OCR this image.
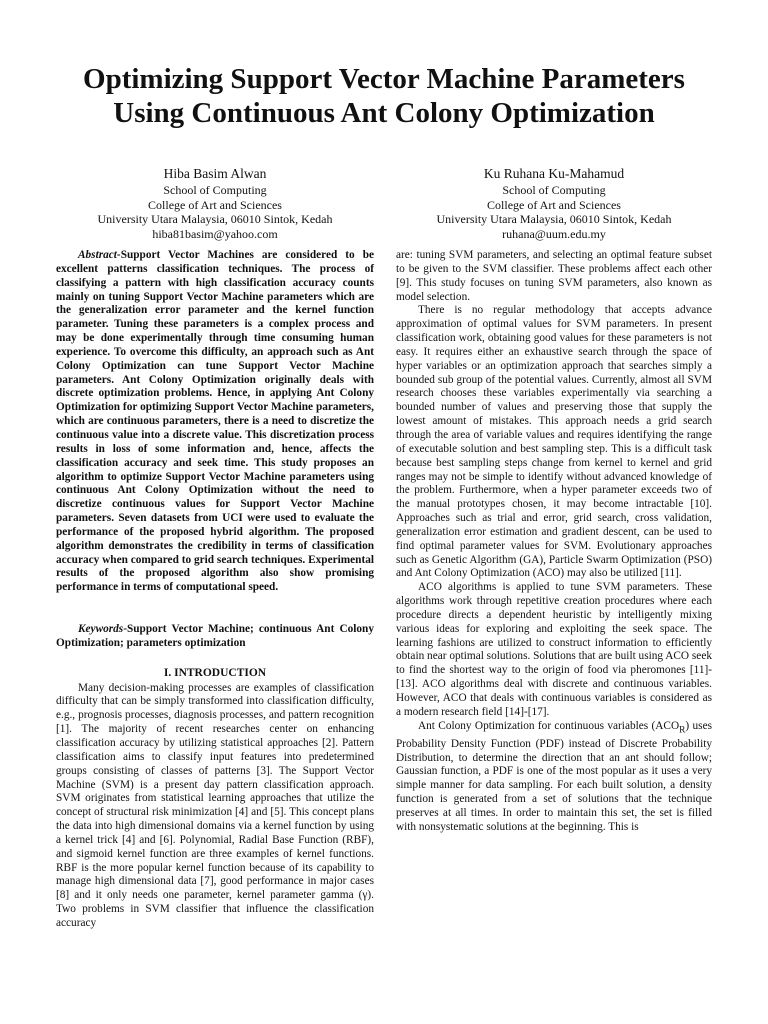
Optimizing Support Vector Machine Parameters
Using Continuous Ant Colony Optimization
Hiba Basim Alwan
School of Computing
College of Art and Sciences
University Utara Malaysia, 06010 Sintok, Kedah
hiba81basim@yahoo.com
Ku Ruhana Ku-Mahamud
School of Computing
College of Art and Sciences
University Utara Malaysia, 06010 Sintok, Kedah
ruhana@uum.edu.my

Abstract-Support Vector Machines are considered to be excellent patterns classification techniques. The process of classifying a pattern with high classification accuracy counts mainly on tuning Support Vector Machine parameters which are the generalization error parameter and the kernel function parameter. Tuning these parameters is a complex process and may be done experimentally through time consuming human experience. To overcome this difficulty, an approach such as Ant Colony Optimization can tune Support Vector Machine parameters. Ant Colony Optimization originally deals with discrete optimization problems. Hence, in applying Ant Colony Optimization for optimizing Support Vector Machine parameters, which are continuous parameters, there is a need to discretize the continuous value into a discrete value. This discretization process results in loss of some information and, hence, affects the classification accuracy and seek time. This study proposes an algorithm to optimize Support Vector Machine parameters using continuous Ant Colony Optimization without the need to discretize continuous values for Support Vector Machine parameters. Seven datasets from UCI were used to evaluate the performance of the proposed hybrid algorithm. The proposed algorithm demonstrates the credibility in terms of classification accuracy when compared to grid search techniques. Experimental results of the proposed algorithm also show promising performance in terms of computational speed.

Keywords-Support Vector Machine; continuous Ant Colony Optimization; parameters optimization

I. INTRODUCTION

Many decision-making processes are examples of classification difficulty that can be simply transformed into classification difficulty, e.g., prognosis processes, diagnosis processes, and pattern recognition [1]. The majority of recent researches center on enhancing classification accuracy by utilizing statistical approaches [2]. Pattern classification aims to classify input features into predetermined groups consisting of classes of patterns [3]. The Support Vector Machine (SVM) is a present day pattern classification approach. SVM originates from statistical learning approaches that utilize the concept of structural risk minimization [4] and [5]. This concept plans the data into high dimensional domains via a kernel function by using a kernel trick [4] and [6]. Polynomial, Radial Base Function (RBF), and sigmoid kernel function are three examples of kernel functions. RBF is the more popular kernel function because of its capability to manage high dimensional data [7], good performance in major cases [8] and it only needs one parameter, kernel parameter gamma (γ). Two problems in SVM classifier that influence the classification accuracy

are: tuning SVM parameters, and selecting an optimal feature subset to be given to the SVM classifier. These problems affect each other [9]. This study focuses on tuning SVM parameters, also known as model selection.

There is no regular methodology that accepts advance approximation of optimal values for SVM parameters. In present classification work, obtaining good values for these parameters is not easy. It requires either an exhaustive search through the space of hyper variables or an optimization approach that searches simply a bounded sub group of the potential values. Currently, almost all SVM research chooses these variables experimentally via searching a bounded number of values and preserving those that supply the lowest amount of mistakes. This approach needs a grid search through the area of variable values and requires identifying the range of executable solution and best sampling step. This is a difficult task because best sampling steps change from kernel to kernel and grid ranges may not be simple to identify without advanced knowledge of the problem. Furthermore, when a hyper parameter exceeds two of the manual prototypes chosen, it may become intractable [10]. Approaches such as trial and error, grid search, cross validation, generalization error estimation and gradient descent, can be used to find optimal parameter values for SVM. Evolutionary approaches such as Genetic Algorithm (GA), Particle Swarm Optimization (PSO) and Ant Colony Optimization (ACO) may also be utilized [11].

ACO algorithms is applied to tune SVM parameters. These algorithms work through repetitive creation procedures where each procedure directs a dependent heuristic by intelligently mixing various ideas for exploring and exploiting the seek space. The learning fashions are utilized to construct information to efficiently obtain near optimal solutions. Solutions that are built using ACO seek to find the shortest way to the origin of food via pheromones [11]-[13]. ACO algorithms deal with discrete and continuous variables. However, ACO that deals with continuous variables is considered as a modern research field [14]-[17].

Ant Colony Optimization for continuous variables $(ACO_R)$ uses Probability Density Function (PDF) instead of Discrete Probability Distribution, to determine the direction that an ant should follow; Gaussian function, a PDF is one of the most popular as it uses a very simple manner for data sampling. For each built solution, a density function is generated from a set of solutions that the technique preserves at all times. In order to maintain this set, the set is filled with nonsystematic solutions at the beginning. This is
